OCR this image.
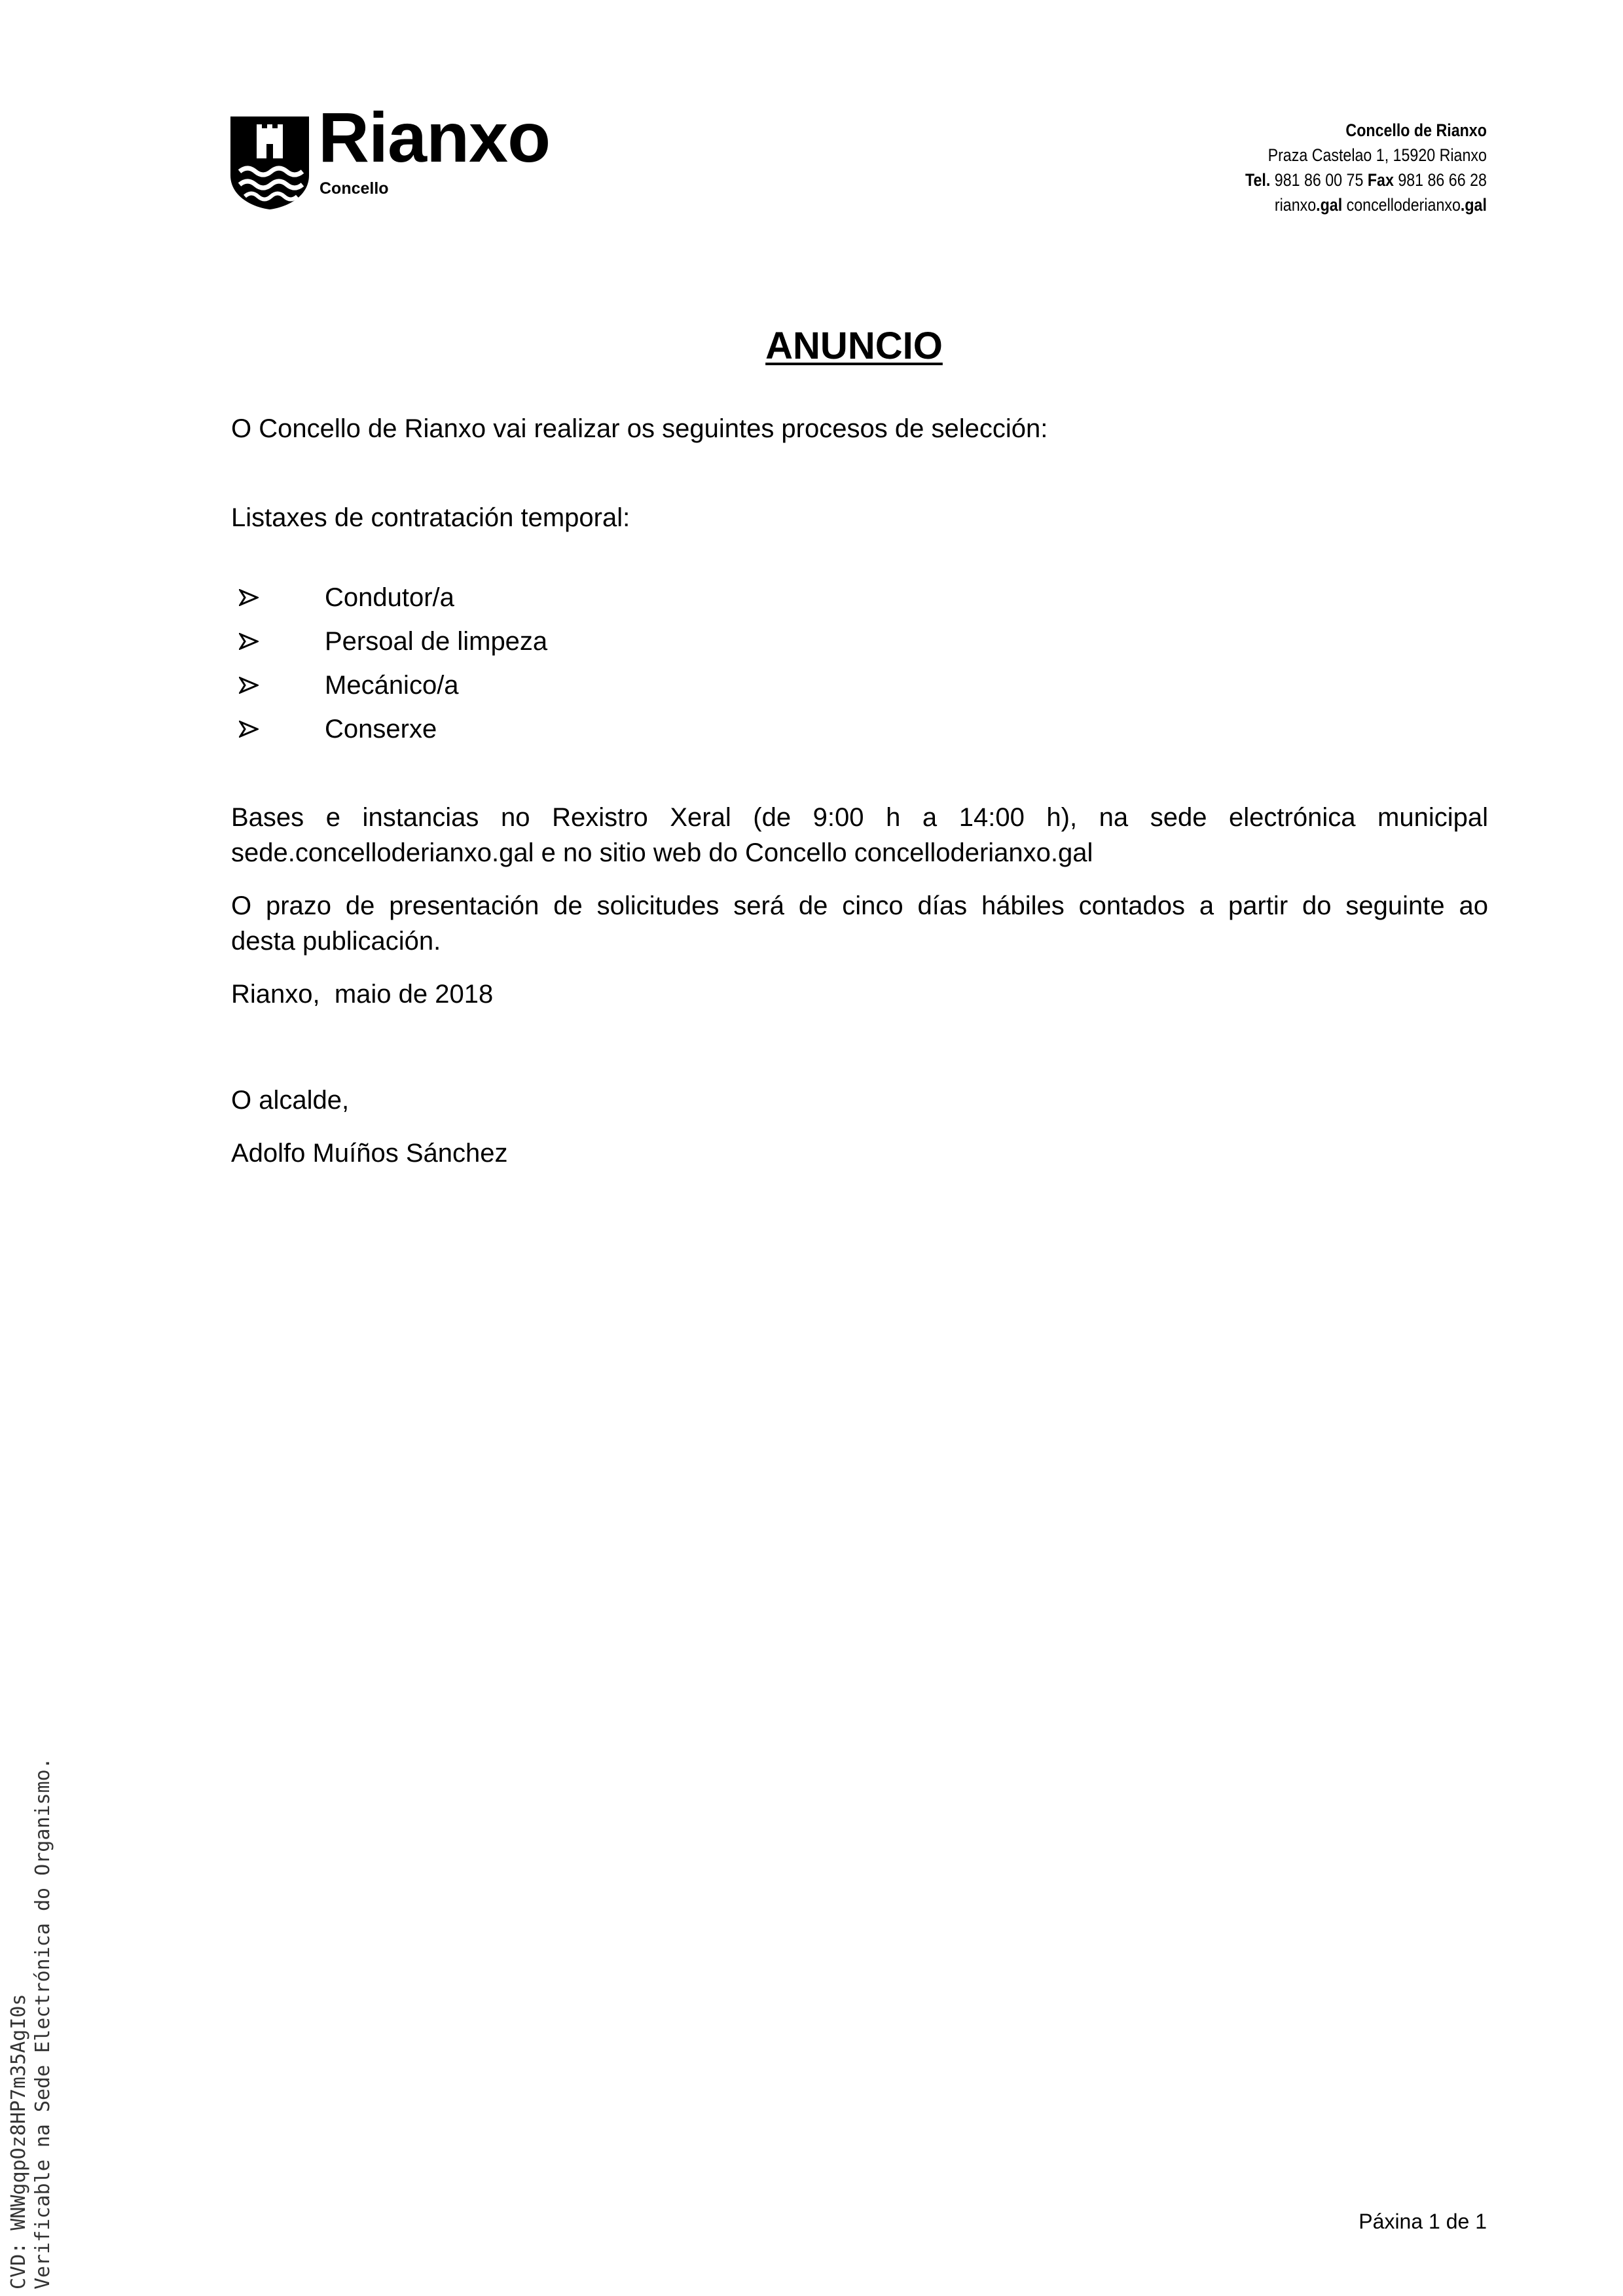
Rianxo
Concello
Concello de Rianxo
Praza Castelao 1, 15920 Rianxo
Tel. 981 86 00 75 Fax 981 86 66 28
rianxo.gal concelloderianxo.gal
ANUNCIO
O Concello de Rianxo vai realizar os seguintes procesos de selección:
Listaxes de contratación temporal:
Condutor/a
Persoal de limpeza
Mecánico/a
Conserxe
Bases e instancias no Rexistro Xeral (de 9:00 h a 14:00 h), na sede electrónica municipal
sede.concelloderianxo.gal e no sitio web do Concello concelloderianxo.gal
O prazo de presentación de solicitudes será de cinco días hábiles contados a partir do seguinte ao
desta publicación.
Rianxo,  maio de 2018
O alcalde,
Adolfo Muíños Sánchez
Páxina 1 de 1
CVD: WNWgqpOz8HP7m35AgI0s Verificable na Sede Electrónica do Organismo.
